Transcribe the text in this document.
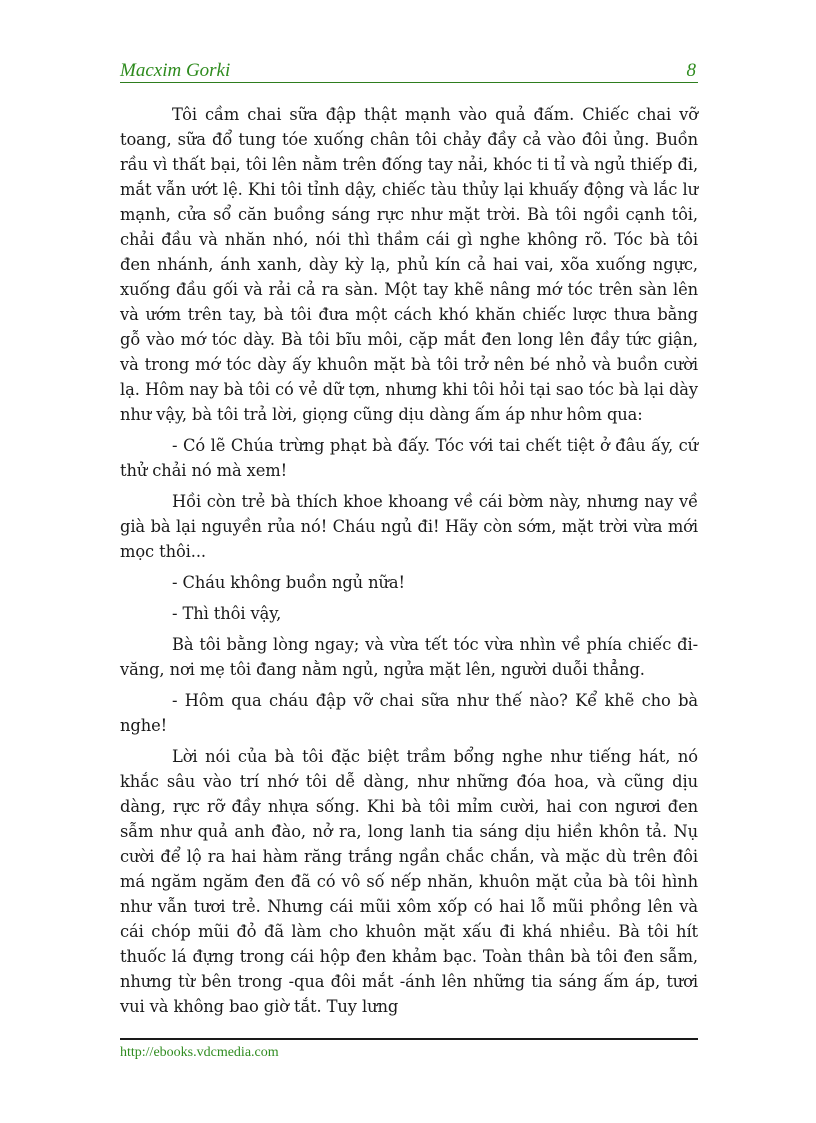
Macxim Gorki	8

Tôi cầm chai sữa đập thật mạnh vào quả đấm. Chiếc chai vỡ toang, sữa đổ tung tóe xuống chân tôi chảy đầy cả vào đôi ủng. Buồn rầu vì thất bại, tôi lên nằm trên đống tay nải, khóc ti tỉ và ngủ thiếp đi, mắt vẫn ướt lệ. Khi tôi tỉnh dậy, chiếc tàu thủy lại khuấy động và lắc lư mạnh, cửa sổ căn buồng sáng rực như mặt trời. Bà tôi ngồi cạnh tôi, chải đầu và nhăn nhó, nói thì thầm cái gì nghe không rõ. Tóc bà tôi đen nhánh, ánh xanh, dày kỳ lạ, phủ kín cả hai vai, xõa xuống ngực, xuống đầu gối và rải cả ra sàn. Một tay khẽ nâng mớ tóc trên sàn lên và ướm trên tay, bà tôi đưa một cách khó khăn chiếc lược thưa bằng gỗ vào mớ tóc dày. Bà tôi bĩu môi, cặp mắt đen long lên đầy tức giận, và trong mớ tóc dày ấy khuôn mặt bà tôi trở nên bé nhỏ và buồn cười lạ. Hôm nay bà tôi có vẻ dữ tợn, nhưng khi tôi hỏi tại sao tóc bà lại dày như vậy, bà tôi trả lời, giọng cũng dịu dàng ấm áp như hôm qua:

- Có lẽ Chúa trừng phạt bà đấy. Tóc với tai chết tiệt ở đâu ấy, cứ thử chải nó mà xem!

Hồi còn trẻ bà thích khoe khoang về cái bờm này, nhưng nay về già bà lại nguyền rủa nó! Cháu ngủ đi! Hãy còn sớm, mặt trời vừa mới mọc thôi...

- Cháu không buồn ngủ nữa!

- Thì thôi vậy,

Bà tôi bằng lòng ngay; và vừa tết tóc vừa nhìn về phía chiếc đi-văng, nơi mẹ tôi đang nằm ngủ, ngửa mặt lên, người duỗi thẳng.

- Hôm qua cháu đập vỡ chai sữa như thế nào? Kể khẽ cho bà nghe!

Lời nói của bà tôi đặc biệt trầm bổng nghe như tiếng hát, nó khắc sâu vào trí nhớ tôi dễ dàng, như những đóa hoa, và cũng dịu dàng, rực rỡ đầy nhựa sống. Khi bà tôi mỉm cười, hai con ngươi đen sẫm như quả anh đào, nở ra, long lanh tia sáng dịu hiền khôn tả. Nụ cười để lộ ra hai hàm răng trắng ngần chắc chắn, và mặc dù trên đôi má ngăm ngăm đen đã có vô số nếp nhăn, khuôn mặt của bà tôi hình như vẫn tươi trẻ. Nhưng cái mũi xôm xốp có hai lỗ mũi phồng lên và cái chóp mũi đỏ đã làm cho khuôn mặt xấu đi khá nhiều. Bà tôi hít thuốc lá đựng trong cái hộp đen khảm bạc. Toàn thân bà tôi đen sẫm, nhưng từ bên trong -qua đôi mắt -ánh lên những tia sáng ấm áp, tươi vui và không bao giờ tắt. Tuy lưng

http://ebooks.vdcmedia.com
